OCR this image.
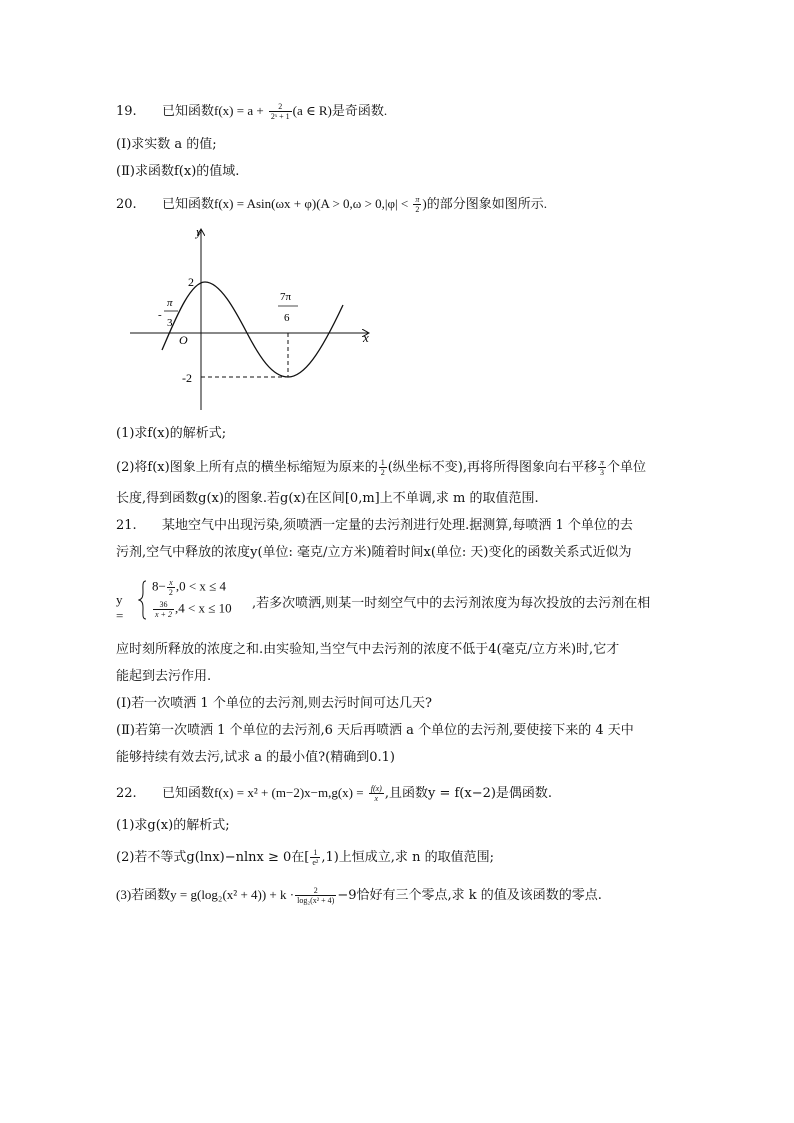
19. 已知函数$f(x) = a + \frac{2}{\text{2ˣ + 1}} (a$ ∈ R)是奇函数.
(Ⅰ)求实数 a 的值;
(Ⅱ)求函数f(x)的值域.
20. 已知函数$f(x) = Asin(\omega x + \varphi)(A > 0,\omega > 0,|\varphi| < \frac{\pi}{2}$ )的部分图象如图所示.
y
x
O
2
-2
-
π
3
7π
6
(1)求f(x)的解析式;
(2)将f(x)图象上所有点的横坐标缩短为原来的 $\frac{1}{2}$ (纵坐标不变),再将所得图象向右平移 $\frac{\pi}{3}$ 个单位
长度,得到函数g(x)的图象.若g(x)在区间[0,m]上不单调,求 m 的取值范围.
21. 某地空气中出现污染,须喷洒一定量的去污剂进行处理.据测算,每喷洒 1 个单位的去
污剂,空气中释放的浓度y(单位: 毫克/立方米)随着时间x(单位: 天)变化的函数关系式近似为
y =
$8- \frac{x}{2} ,0 < x \le 4$
$\frac{36}{x + 2} ,4 < x \le 10$ ,若多次喷洒,则某一时刻空气中的去污剂浓度为每次投放的去污剂在相
应时刻所释放的浓度之和.由实验知,当空气中去污剂的浓度不低于4(毫克/立方米)时,它才
能起到去污作用.
(Ⅰ)若一次喷洒 1 个单位的去污剂,则去污时间可达几天?
(Ⅱ)若第一次喷洒 1 个单位的去污剂,6 天后再喷洒 a 个单位的去污剂,要使接下来的 4 天中
能够持续有效去污,试求 a 的最小值?(精确到0.1)
22. 已知函数$f(x) = x^2 + (m-2)x-m,g(x) = \frac{f(x)}{x}$ ,且函数y = f(x−2)是偶函数.
(1)求g(x)的解析式;
(2)若不等式g(lnx)−nlnx ≥ 0在[ $\frac{1}{\text{e²}} ,1$)上恒成立,求 n 的取值范围;
(3)若函数$y = g(\log_2(x^2 + 4)) + k \cdot \frac{2}{\text{log₂(x² + 4)}} -9$恰好有三个零点,求 k 的值及该函数的零点.
